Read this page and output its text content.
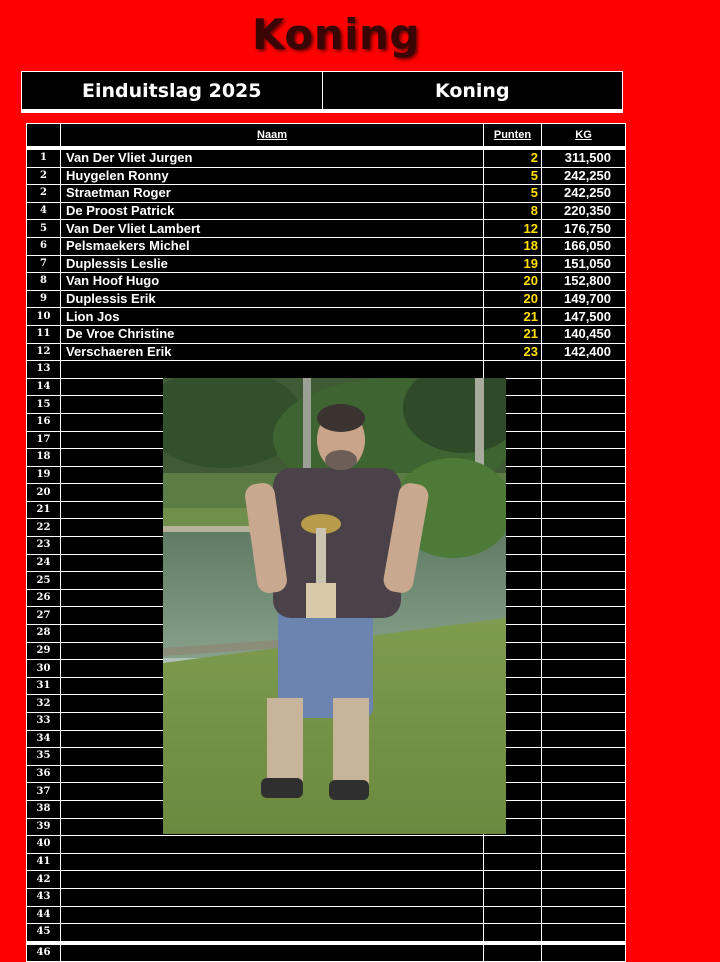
Koning
Einduitslag 2025	Koning
	Naam	Punten	KG
1	Van Der Vliet Jurgen	2	311,500
2	Huygelen Ronny	5	242,250
2	Straetman Roger	5	242,250
4	De Proost Patrick	8	220,350
5	Van Der Vliet Lambert	12	176,750
6	Pelsmaekers Michel	18	166,050
7	Duplessis Leslie	19	151,050
8	Van Hoof Hugo	20	152,800
9	Duplessis Erik	20	149,700
10	Lion Jos	21	147,500
11	De Vroe Christine	21	140,450
12	Verschaeren Erik	23	142,400
13			
14			
15			
16			
17			
18			
19			
20			
21			
22			
23			
24			
25			
26			
27			
28			
29			
30			
31			
32			
33			
34			
35			
36			
37			
38			
39			
40			
41			
42			
43			
44			
45			
46			
